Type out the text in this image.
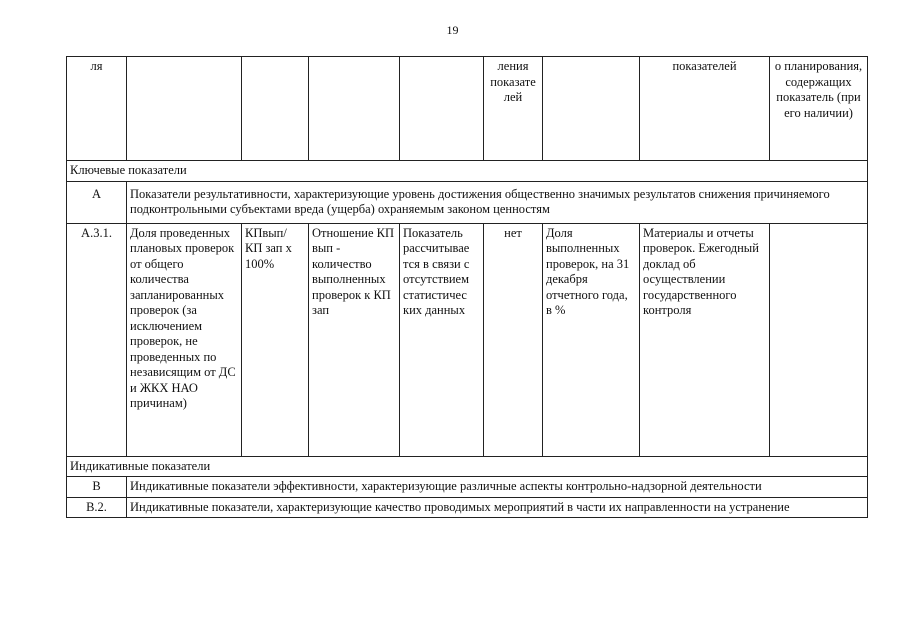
19
ля					ления показате лей		показателей	о планирования, содержащих показатель (при его наличии)
Ключевые показатели								
А	Показатели результативности, характеризующие уровень достижения общественно значимых результатов снижения причиняемого подконтрольными субъектами вреда (ущерба) охраняемым законом ценностям							
А.3.1.	Доля проведенных плановых проверок от общего количества запланированных проверок (за исключением проверок, не проведенных по независящим от ДС и ЖКХ НАО причинам)	КПвып/ КП зап х 100%	Отношение КП вып - количество выполненных проверок к КП зап	Показатель рассчитывае тся в связи с отсутствием статистичес ких данных	нет	Доля выполненных проверок, на 31 декабря отчетного года, в %	Материалы и отчеты проверок. Ежегодный доклад об осуществлении государственного контроля	
Индикативные показатели								
В	Индикативные показатели эффективности, характеризующие различные аспекты контрольно-надзорной деятельности							
В.2.	Индикативные показатели, характеризующие качество проводимых мероприятий в части их направленности на устранение							
